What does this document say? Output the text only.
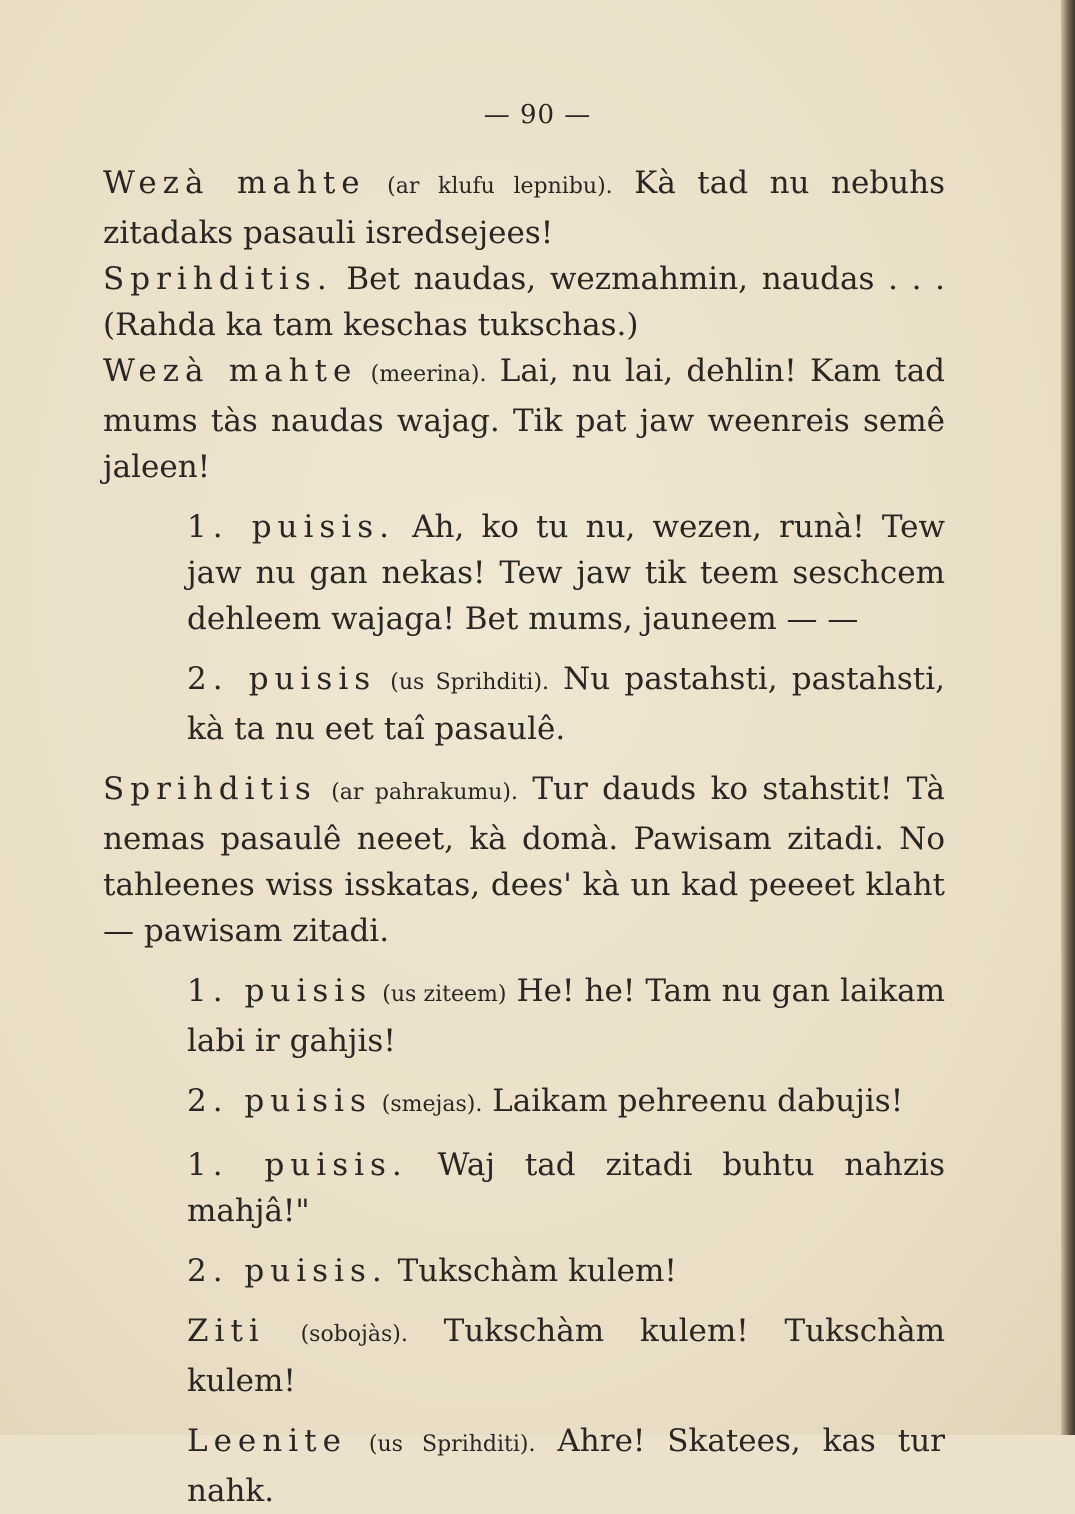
— 90 —
Wezà mahte (ar klufu lepnibu). Kà tad nu nebuhs zitadaks pasauli isredsejees!
Sprihditis. Bet naudas, wezmahmin, naudas . . . (Rahda ka tam keschas tukschas.)
Wezà mahte (meerina). Lai, nu lai, dehlin! Kam tad mums tàs naudas wajag. Tik pat jaw weenreis semê jaleen!
1. puisis. Ah, ko tu nu, wezen, runà! Tew jaw nu gan nekas! Tew jaw tik teem seschcem dehleem wajaga! Bet mums, jauneem — —
2. puisis (us Sprihditi). Nu pastahsti, pastahsti, kà ta nu eet taî pasaulê.
Sprihditis (ar pahrakumu). Tur dauds ko stahstit! Tà nemas pasaulê neeet, kà domà. Pawisam zitadi. No tahleenes wiss isskatas, dees' kà un kad peeeet klaht — pawisam zitadi.
1. puisis (us ziteem) He! he! Tam nu gan laikam labi ir gahjis!
2. puisis (smejas). Laikam pehreenu dabujis!
1. puisis. Waj tad zitadi buhtu nahzis mahjâ!"
2. puisis. Tukschàm kulem!
Ziti (sobojàs). Tukschàm kulem! Tukschàm kulem!
Leenite (us Sprihditi). Ahre! Skatees, kas tur nahk.
